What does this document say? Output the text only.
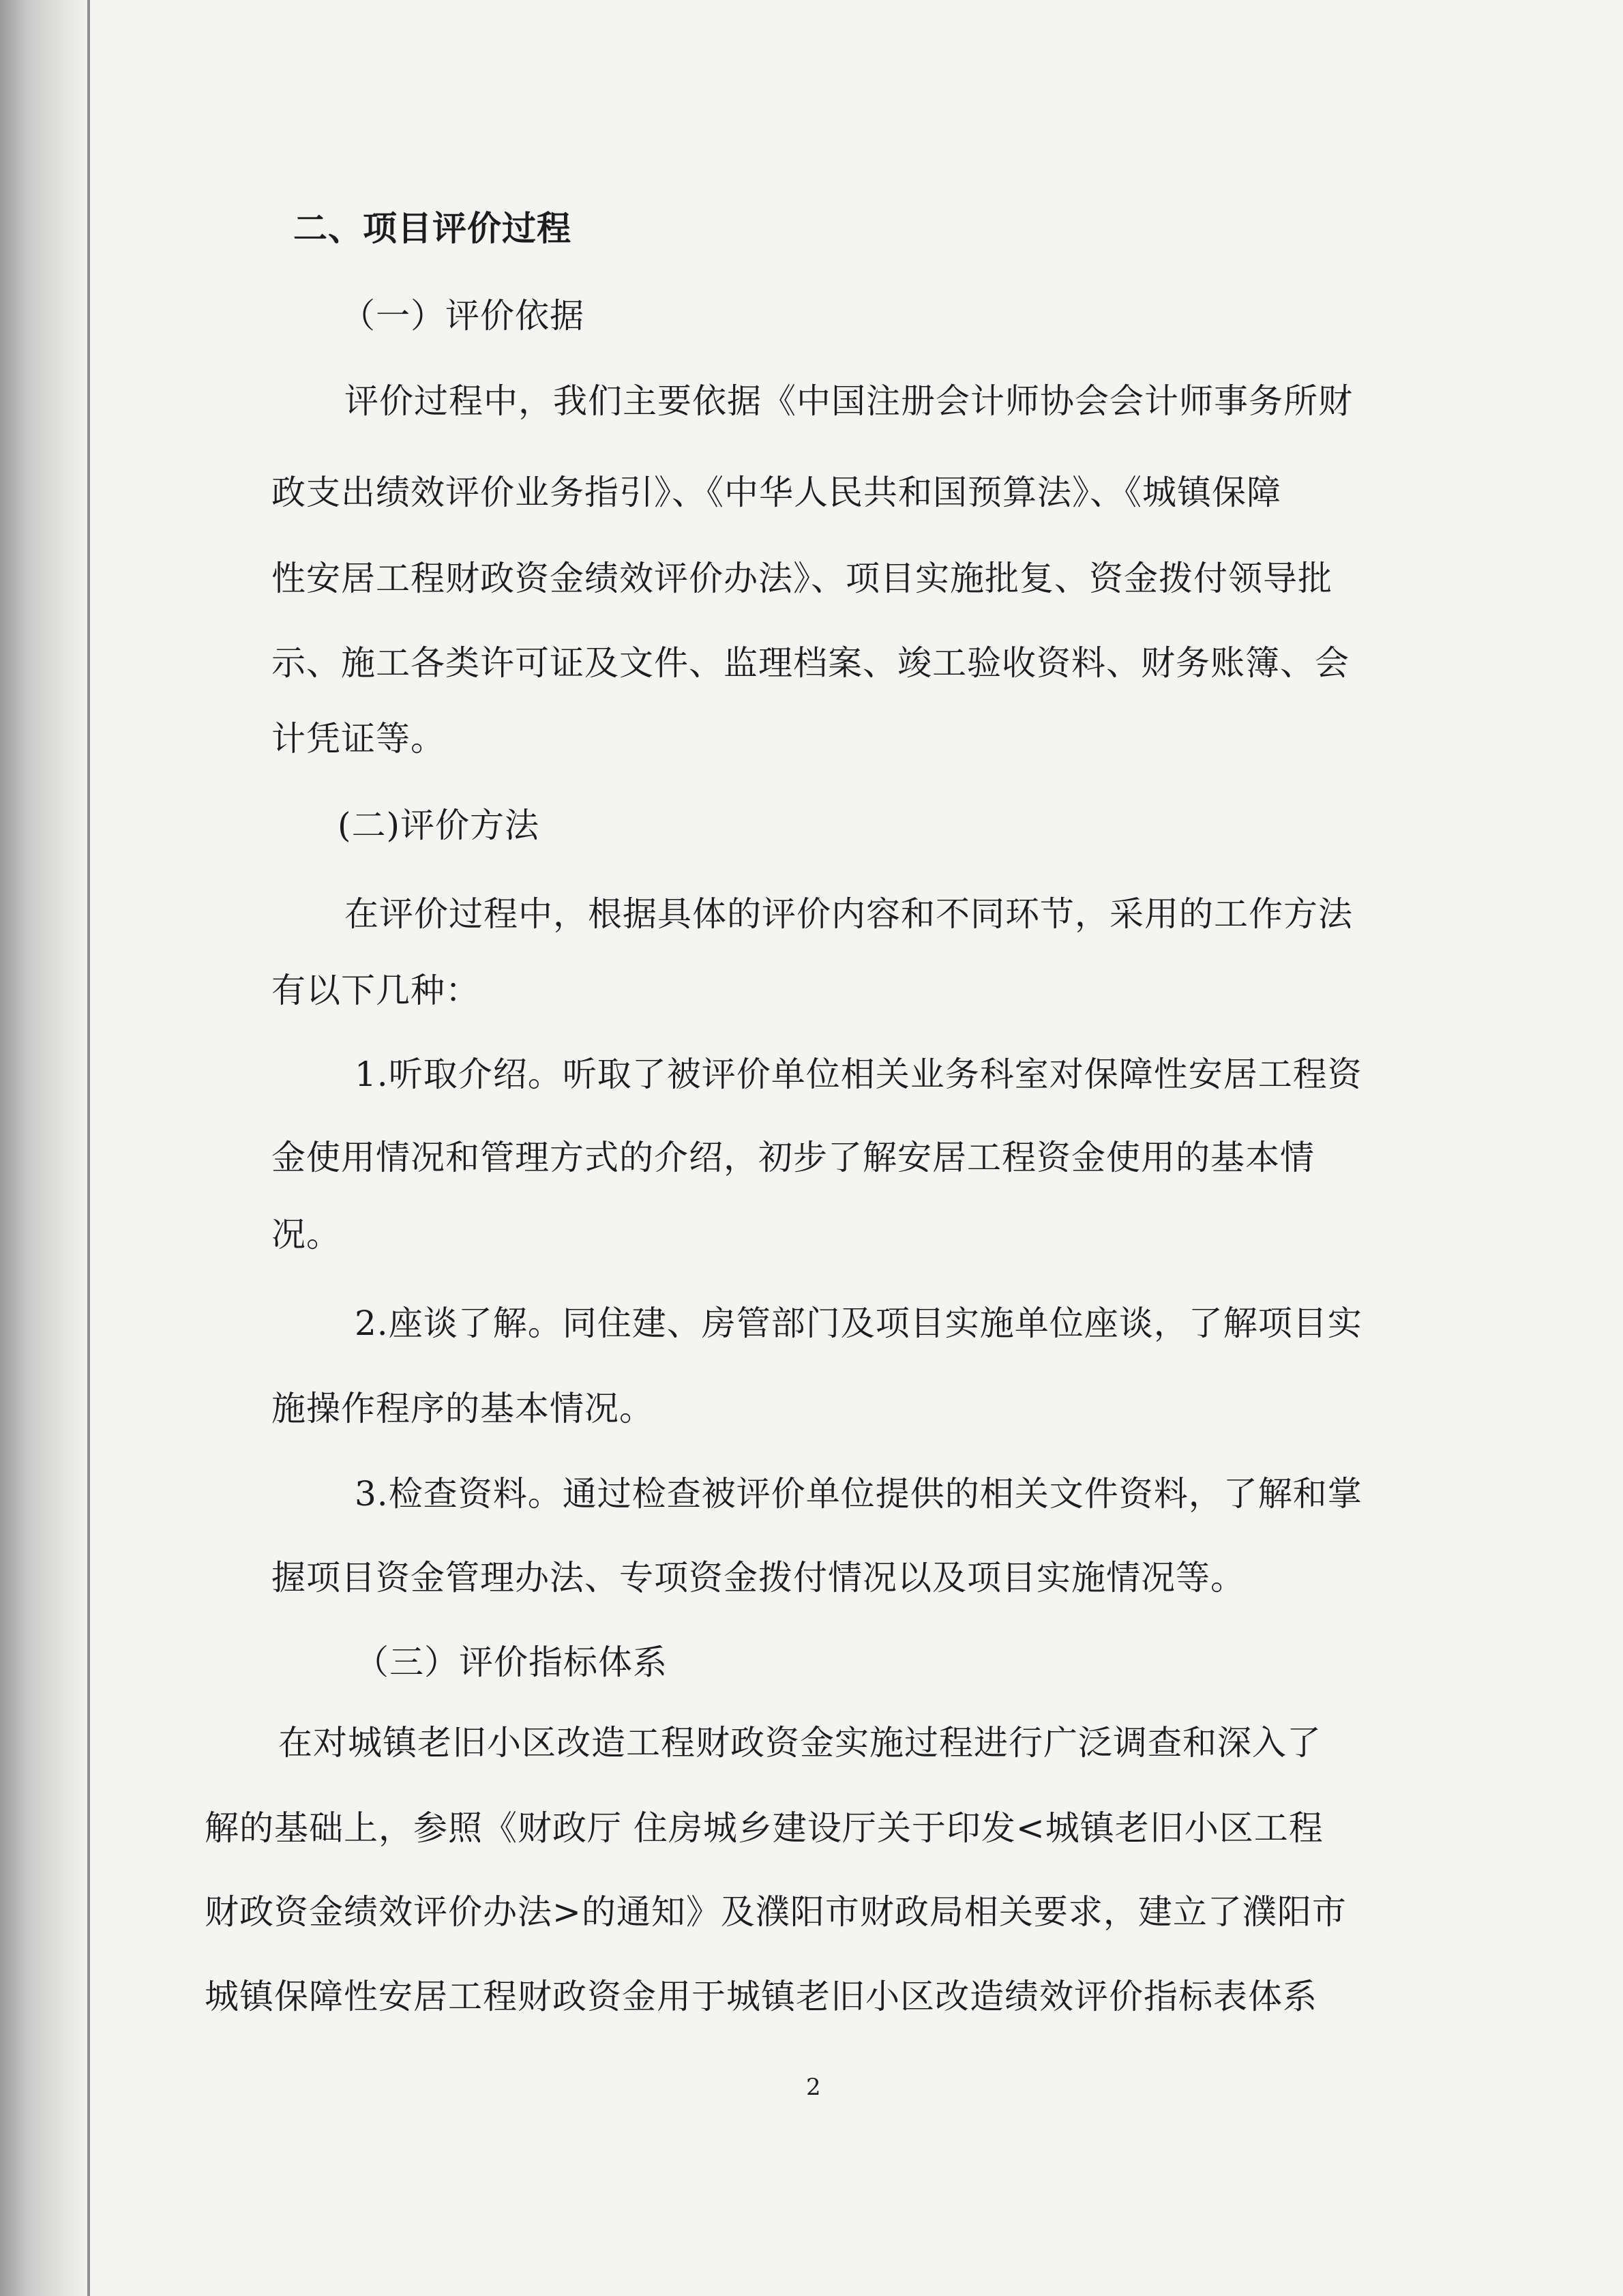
二、项目评价过程
（一）评价依据
评价过程中，我们主要依据《中国注册会计师协会会计师事务所财
政支出绩效评价业务指引》、《中华人民共和国预算法》、《城镇保障
性安居工程财政资金绩效评价办法》、项目实施批复、资金拨付领导批
示、施工各类许可证及文件、监理档案、竣工验收资料、财务账簿、会
计凭证等。
(二)评价方法
在评价过程中，根据具体的评价内容和不同环节，采用的工作方法
有以下几种：
1.听取介绍。听取了被评价单位相关业务科室对保障性安居工程资
金使用情况和管理方式的介绍，初步了解安居工程资金使用的基本情
况。
2.座谈了解。同住建、房管部门及项目实施单位座谈，了解项目实
施操作程序的基本情况。
3.检查资料。通过检查被评价单位提供的相关文件资料，了解和掌
握项目资金管理办法、专项资金拨付情况以及项目实施情况等。
（三）评价指标体系
在对城镇老旧小区改造工程财政资金实施过程进行广泛调查和深入了
解的基础上，参照《财政厅 住房城乡建设厅关于印发<城镇老旧小区工程
财政资金绩效评价办法>的通知》及濮阳市财政局相关要求，建立了濮阳市
城镇保障性安居工程财政资金用于城镇老旧小区改造绩效评价指标表体系
2
